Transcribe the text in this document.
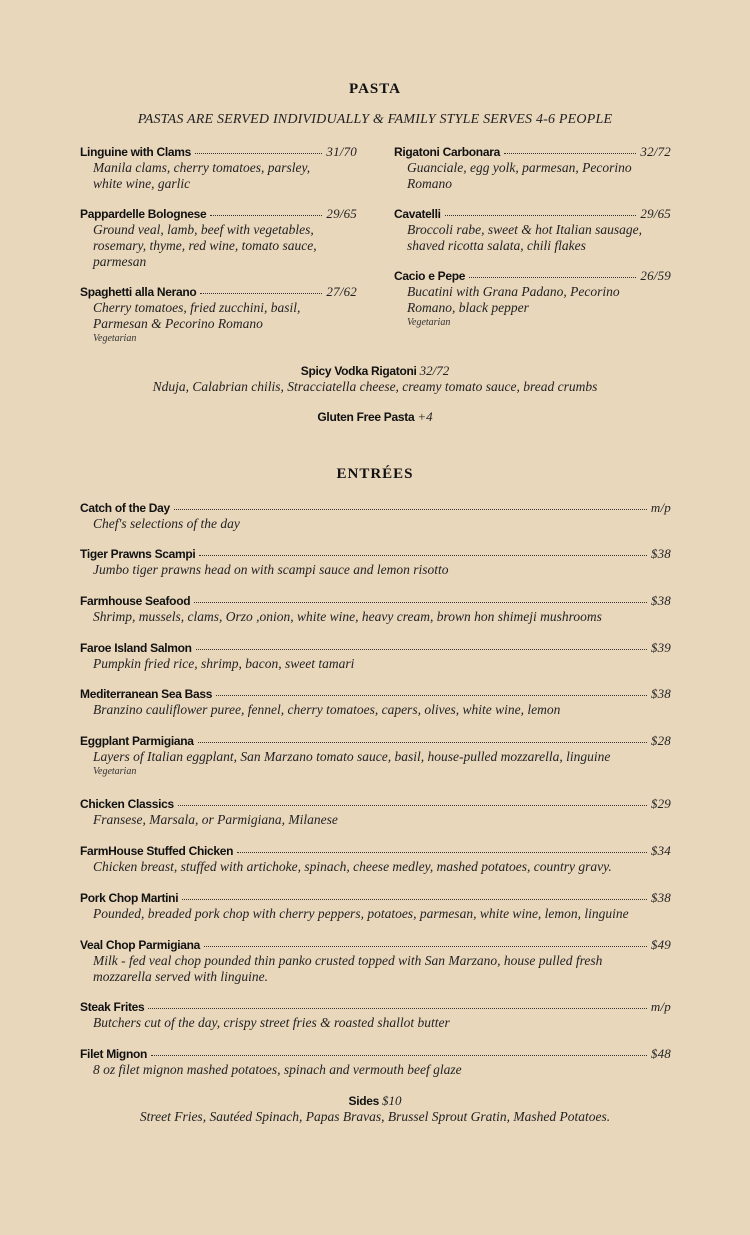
PASTA
PASTAS ARE SERVED INDIVIDUALLY & FAMILY STYLE SERVES 4-6 PEOPLE
Linguine with Clams	31/70
Manila clams, cherry tomatoes, parsley,
white wine, garlic
Pappardelle Bolognese	29/65
Ground veal, lamb, beef with vegetables,
rosemary, thyme, red wine, tomato sauce,
parmesan
Spaghetti alla Nerano	27/62
Cherry tomatoes, fried zucchini, basil,
Parmesan & Pecorino Romano
Vegetarian
Rigatoni Carbonara	32/72
Guanciale, egg yolk, parmesan, Pecorino
Romano
Cavatelli	29/65
Broccoli rabe, sweet & hot Italian sausage,
shaved ricotta salata, chili flakes
Cacio e Pepe	26/59
Bucatini with Grana Padano, Pecorino
Romano, black pepper
Vegetarian
Spicy Vodka Rigatoni 32/72
Nduja, Calabrian chilis, Stracciatella cheese, creamy tomato sauce, bread crumbs
Gluten Free Pasta +4
ENTRÉES
Catch of the Day	m/p
Chef's selections of the day
Tiger Prawns Scampi	$38
Jumbo tiger prawns head on with scampi sauce and lemon risotto
Farmhouse Seafood	$38
Shrimp, mussels, clams, Orzo ,onion, white wine, heavy cream, brown hon shimeji mushrooms
Faroe Island Salmon	$39
Pumpkin fried rice, shrimp, bacon, sweet tamari
Mediterranean Sea Bass	$38
Branzino cauliflower puree, fennel, cherry tomatoes, capers, olives, white wine, lemon
Eggplant Parmigiana	$28
Layers of Italian eggplant, San Marzano tomato sauce, basil, house-pulled mozzarella, linguine
Vegetarian
Chicken Classics	$29
Fransese, Marsala, or Parmigiana, Milanese
FarmHouse Stuffed Chicken	$34
Chicken breast, stuffed with artichoke, spinach, cheese medley, mashed potatoes, country gravy.
Pork Chop Martini	$38
Pounded, breaded pork chop with cherry peppers, potatoes, parmesan, white wine, lemon, linguine
Veal Chop Parmigiana	$49
Milk - fed veal chop pounded thin panko crusted topped with San Marzano, house pulled fresh
mozzarella served with linguine.
Steak Frites	m/p
Butchers cut of the day, crispy street fries & roasted shallot butter
Filet Mignon	$48
8 oz filet mignon mashed potatoes, spinach and vermouth beef glaze
Sides $10
Street Fries, Sautéed Spinach, Papas Bravas, Brussel Sprout Gratin, Mashed Potatoes.
